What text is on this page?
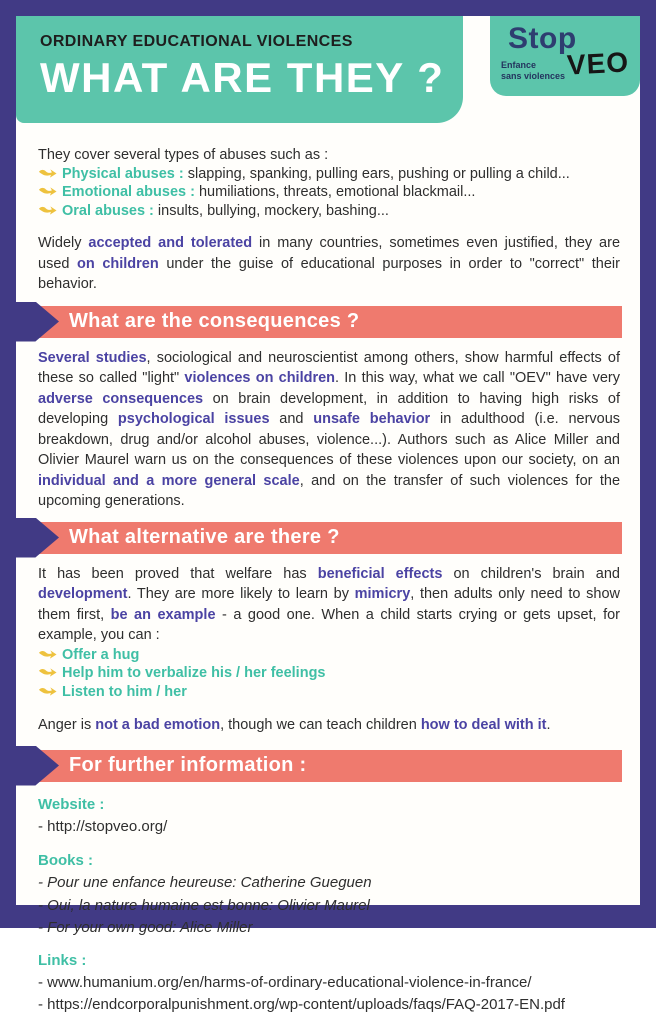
ORDINARY EDUCATIONAL VIOLENCES
WHAT ARE THEY ?
Stop
Enfance
sans violences VEO

They cover several types of abuses such as :

Physical abuses : slapping, spanking, pulling ears, pushing or pulling a child...
Emotional abuses : humiliations, threats, emotional blackmail...
Oral abuses : insults, bullying, mockery, bashing...

Widely accepted and tolerated in many countries, sometimes even justified, they are used on children under the guise of educational purposes in order to "correct" their behavior.

What are the consequences ?

Several studies, sociological and neuroscientist among others, show harmful effects of these so called "light" violences on children. In this way, what we call "OEV" have very adverse consequences on brain development, in addition to having high risks of developing psychological issues and unsafe behavior in adulthood (i.e. nervous breakdown, drug and/or alcohol abuses, violence...). Authors such as Alice Miller and Olivier Maurel warn us on the consequences of these violences upon our society, on an individual and a more general scale, and on the transfer of such violences for the upcoming generations.

What alternative are there ?

It has been proved that welfare has beneficial effects on children's brain and development. They are more likely to learn by mimicry, then adults only need to show them first, be an example - a good one. When a child starts crying or gets upset, for example, you can :

Offer a hug
Help him to verbalize his / her feelings
Listen to him / her

Anger is not a bad emotion, though we can teach children how to deal with it.

For further information :
Website :
- http://stopveo.org/
Books :
- Pour une enfance heureuse: Catherine Gueguen
- Oui, la nature humaine est bonne: Olivier Maurel
- For your own good: Alice Miller
Links :
- www.humanium.org/en/harms-of-ordinary-educational-violence-in-france/
- https://endcorporalpunishment.org/wp-content/uploads/faqs/FAQ-2017-EN.pdf
